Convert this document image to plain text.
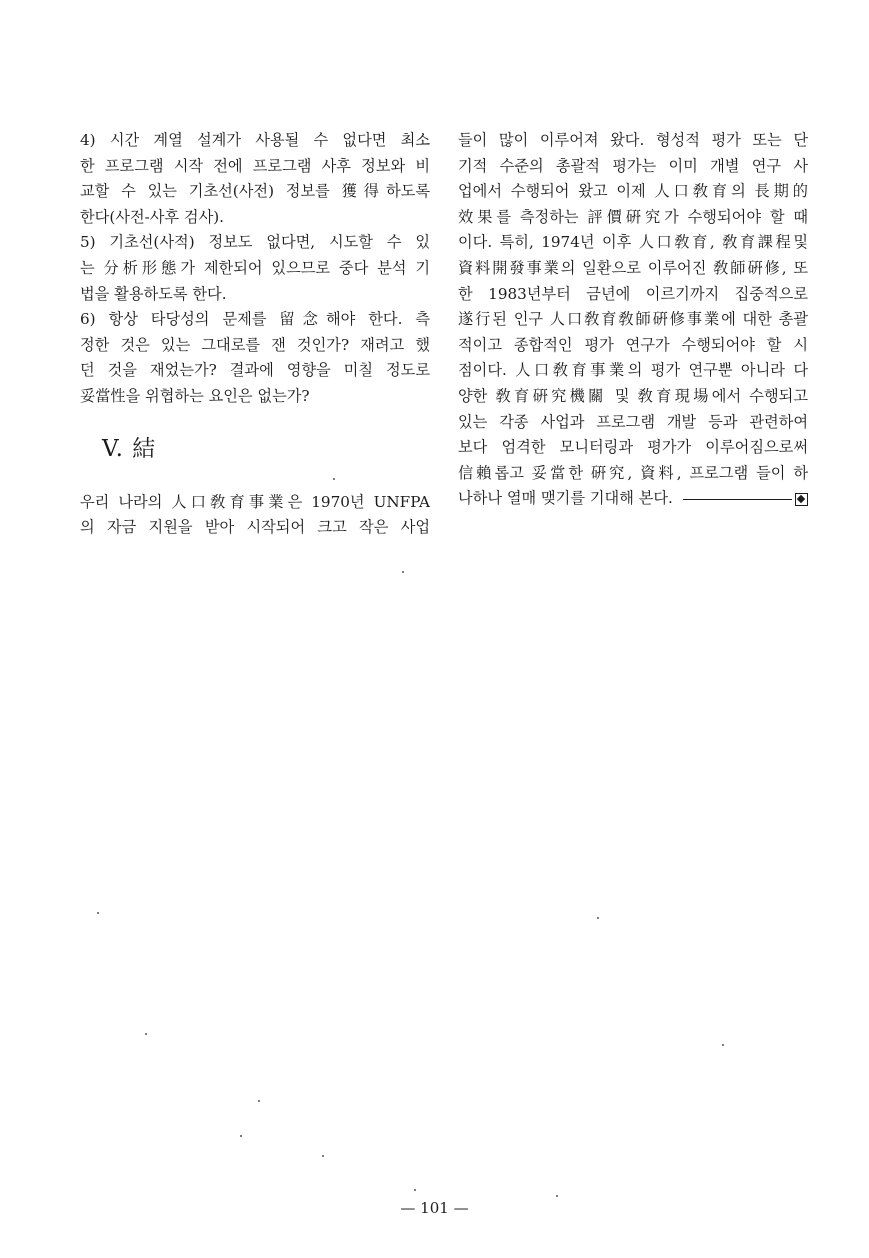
4) 시간 계열 설계가 사용될 수 없다면 최소
한 프로그램 시작 전에 프로그램 사후 정보와 비
교할 수 있는 기초선(사전) 정보를 獲得하도록
한다(사전-사후 검사).
5) 기초선(사적) 정보도 없다면, 시도할 수 있
는 分析形態가 제한되어 있으므로 중다 분석 기
법을 활용하도록 한다.
6) 항상 타당성의 문제를 留念해야 한다. 측
정한 것은 있는 그대로를 잰 것인가? 재려고 했
던 것을 재었는가? 결과에 영향을 미칠 정도로
妥當性을 위협하는 요인은 없는가?
V. 結
우리 나라의 人口敎育事業은 1970년 UNFPA
의 자금 지원을 받아 시작되어 크고 작은 사업
들이 많이 이루어져 왔다. 형성적 평가 또는 단
기적 수준의 총괄적 평가는 이미 개별 연구 사
업에서 수행되어 왔고 이제 人口敎育의 長期的
效果를 측정하는 評價硏究가 수행되어야 할 때
이다. 특히, 1974년 이후 人口敎育, 敎育課程및
資料開發事業의 일환으로 이루어진 敎師硏修, 또
한 1983년부터 금년에 이르기까지 집중적으로
遂行된 인구 人口敎育敎師硏修事業에 대한 총괄
적이고 종합적인 평가 연구가 수행되어야 할 시
점이다. 人口敎育事業의 평가 연구뿐 아니라 다
양한 敎育硏究機關 및 敎育現場에서 수행되고
있는 각종 사업과 프로그램 개발 등과 관련하여
보다 엄격한 모니터링과 평가가 이루어짐으로써
信賴롭고 妥當한 硏究, 資料, 프로그램 들이 하
나하나 열매 맺기를 기대해 본다.
— 101 —
